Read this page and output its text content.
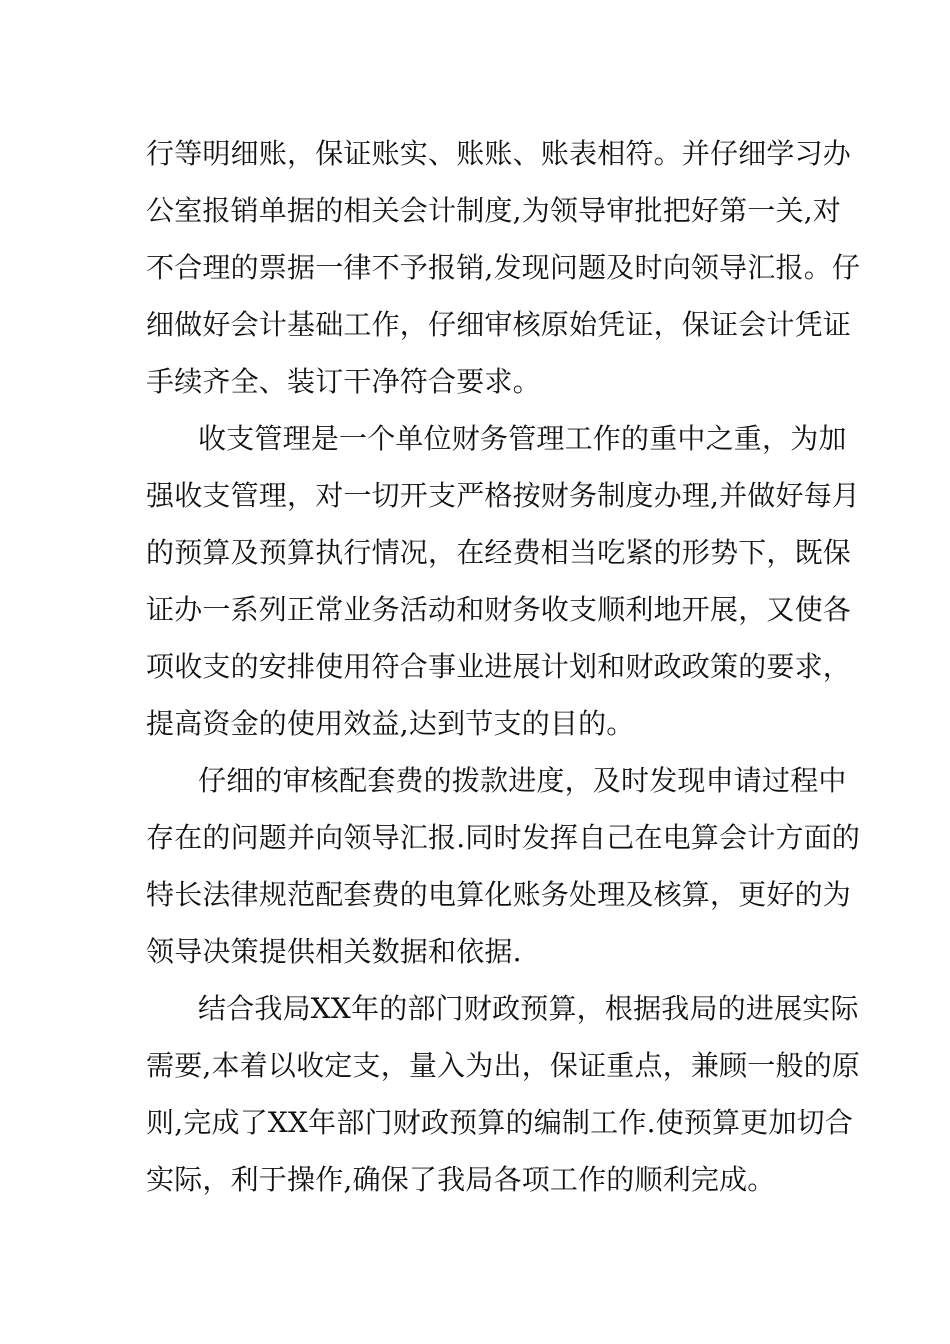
行等明细账，保证账实、账账、账表相符。并仔细学习办
公室报销单据的相关会计制度,为领导审批把好第一关,对
不合理的票据一律不予报销,发现问题及时向领导汇报。仔
细做好会计基础工作，仔细审核原始凭证，保证会计凭证
手续齐全、装订干净符合要求。
收支管理是一个单位财务管理工作的重中之重，为加
强收支管理，对一切开支严格按财务制度办理,并做好每月
的预算及预算执行情况，在经费相当吃紧的形势下，既保
证办一系列正常业务活动和财务收支顺利地开展，又使各
项收支的安排使用符合事业进展计划和财政政策的要求，
提高资金的使用效益,达到节支的目的。
仔细的审核配套费的拨款进度，及时发现申请过程中
存在的问题并向领导汇报.同时发挥自己在电算会计方面的
特长法律规范配套费的电算化账务处理及核算，更好的为
领导决策提供相关数据和依据.
结合我局XX年的部门财政预算，根据我局的进展实际
需要,本着以收定支，量入为出，保证重点，兼顾一般的原
则,完成了XX年部门财政预算的编制工作.使预算更加切合
实际，利于操作,确保了我局各项工作的顺利完成。
